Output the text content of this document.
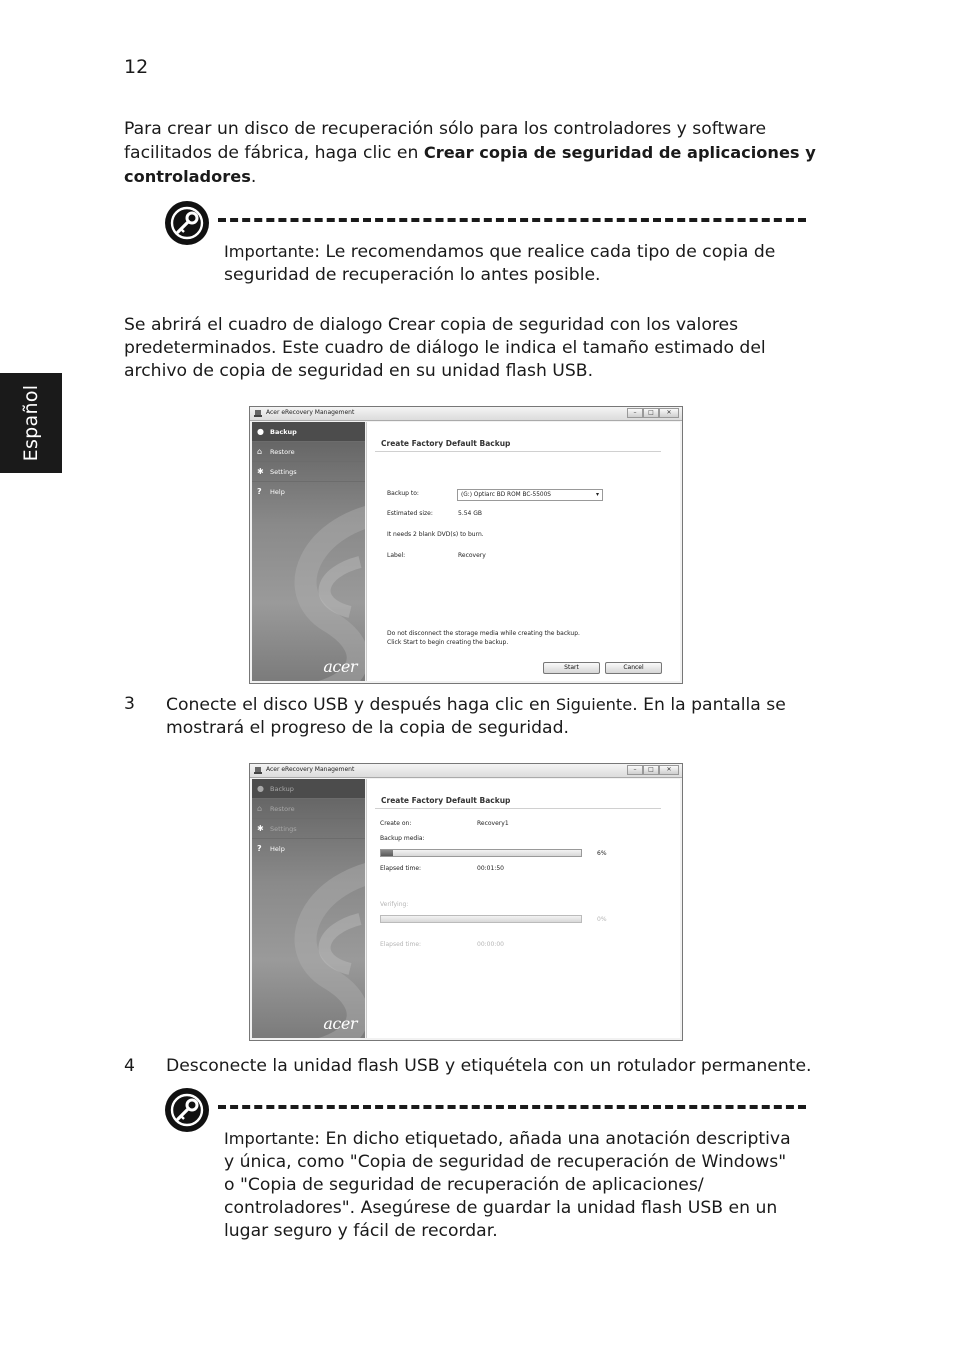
12
Español

Para crear un disco de recuperación sólo para los controladores y software facilitados de fábrica, haga clic en Crear copia de seguridad de aplicaciones y controladores.

Importante: Le recomendamos que realice cada tipo de copia de seguridad de recuperación lo antes posible.

Se abrirá el cuadro de dialogo Crear copia de seguridad con los valores predeterminados. Este cuadro de diálogo le indica el tamaño estimado del archivo de copia de seguridad en su unidad flash USB.

Acer eRecovery Management	–	□	✕
● Backup
⌂	Restore
✱ Settings
?	Help
acer
Create Factory Default Backup
Backup to:	(G:) Optiarc BD ROM BC-5500S	▾
Estimated size:	5.54 GB
It needs 2 blank DVD(s) to burn.
Label:	Recovery
Do not disconnect the storage media while creating the backup.
Click Start to begin creating the backup.
Start	Cancel
3 Conecte el disco USB y después haga clic en Siguiente. En la pantalla se mostrará el progreso de la copia de seguridad.

Acer eRecovery Management	–	□	✕
● Backup
⌂	Restore
✱ Settings
?	Help
acer
Create Factory Default Backup
Create on:	Recovery1
Backup media:
6%
Elapsed time:	00:01:50
Verifying:
0%
Elapsed time:	00:00:00
4 Desconecte la unidad flash USB y etiquétela con un rotulador permanente.

Importante: En dicho etiquetado, añada una anotación descriptiva y única, como "Copia de seguridad de recuperación de Windows" o "Copia de seguridad de recuperación de aplicaciones/ controladores". Asegúrese de guardar la unidad flash USB en un lugar seguro y fácil de recordar.
